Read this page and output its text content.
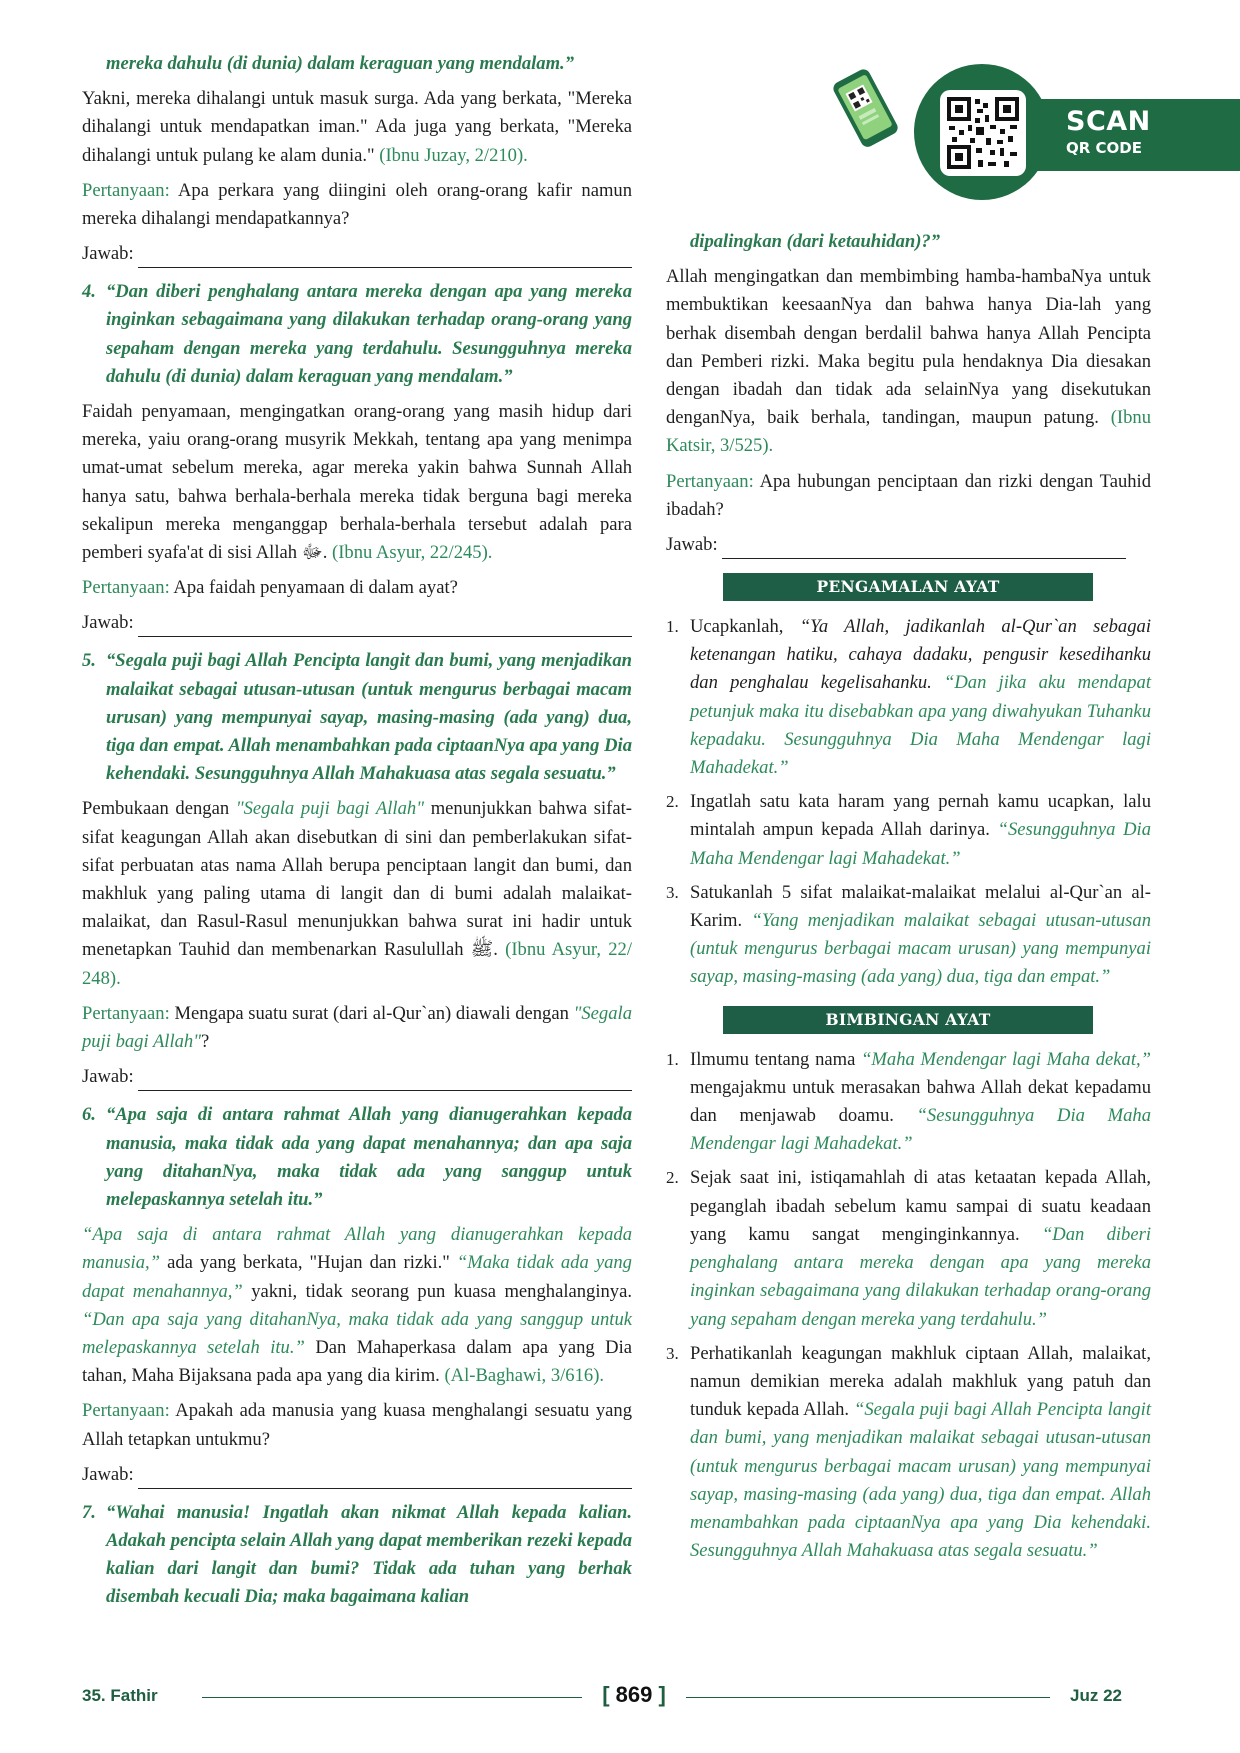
SCAN
QR CODE

mereka dahulu (di dunia) dalam keraguan yang mendalam.”

Yakni, mereka dihalangi untuk masuk surga. Ada yang berkata, "Mereka dihalangi untuk mendapatkan iman." Ada juga yang berkata, "Mereka dihalangi untuk pulang ke alam dunia." (Ibnu Juzay, 2/210).

Pertanyaan: Apa perkara yang diingini oleh orang-orang kafir namun mereka dihalangi mendapatkannya?

Jawab:
4. “Dan diberi penghalang antara mereka dengan apa yang mereka inginkan sebagaimana yang dilakukan terhadap orang-orang yang sepaham dengan mereka yang terdahulu. Sesungguhnya mereka dahulu (di dunia) dalam keraguan yang mendalam.”

Faidah penyamaan, mengingatkan orang-orang yang masih hidup dari mereka, yaiu orang-orang musyrik Mekkah, tentang apa yang menimpa umat-umat sebelum mereka, agar mereka yakin bahwa Sunnah Allah hanya satu, bahwa berhala-berhala mereka tidak berguna bagi mereka sekalipun mereka menganggap berhala-berhala tersebut adalah para pemberi syafa'at di sisi Allah ﷻ. (Ibnu Asyur, 22/245).

Pertanyaan: Apa faidah penyamaan di dalam ayat?

Jawab:
5. “Segala puji bagi Allah Pencipta langit dan bumi, yang menjadikan malaikat sebagai utusan-utusan (untuk mengurus berbagai macam urusan) yang mempunyai sayap, masing-masing (ada yang) dua, tiga dan empat. Allah menambahkan pada ciptaanNya apa yang Dia kehendaki. Sesungguhnya Allah Mahakuasa atas segala sesuatu.”

Pembukaan dengan "Segala puji bagi Allah" menunjukkan bahwa sifat-sifat keagungan Allah akan disebutkan di sini dan pemberlakukan sifat-sifat perbuatan atas nama Allah berupa penciptaan langit dan bumi, dan makhluk yang paling utama di langit dan di bumi adalah malaikat-malaikat, dan Rasul-Rasul menunjukkan bahwa surat ini hadir untuk menetapkan Tauhid dan membenarkan Rasulullah ﷺ. (Ibnu Asyur, 22/ 248).

Pertanyaan: Mengapa suatu surat (dari al-Qur`an) diawali dengan "Segala puji bagi Allah"?

Jawab:
6. “Apa saja di antara rahmat Allah yang dianugerahkan kepada manusia, maka tidak ada yang dapat menahannya; dan apa saja yang ditahanNya, maka tidak ada yang sanggup untuk melepaskannya setelah itu.”

“Apa saja di antara rahmat Allah yang dianugerahkan kepada manusia,” ada yang berkata, "Hujan dan rizki." “Maka tidak ada yang dapat menahannya,” yakni, tidak seorang pun kuasa menghalanginya. “Dan apa saja yang ditahanNya, maka tidak ada yang sanggup untuk melepaskannya setelah itu.” Dan Mahaperkasa dalam apa yang Dia tahan, Maha Bijaksana pada apa yang dia kirim. (Al-Baghawi, 3/616).

Pertanyaan: Apakah ada manusia yang kuasa menghalangi sesuatu yang Allah tetapkan untukmu?

Jawab:
7. “Wahai manusia! Ingatlah akan nikmat Allah kepada kalian. Adakah pencipta selain Allah yang dapat memberikan rezeki kepada kalian dari langit dan bumi? Tidak ada tuhan yang berhak disembah kecuali Dia; maka bagaimana kalian

dipalingkan (dari ketauhidan)?”

Allah mengingatkan dan membimbing hamba-hambaNya untuk membuktikan keesaanNya dan bahwa hanya Dia-lah yang berhak disembah dengan berdalil bahwa hanya Allah Pencipta dan Pemberi rizki. Maka begitu pula hendaknya Dia diesakan dengan ibadah dan tidak ada selainNya yang disekutukan denganNya, baik berhala, tandingan, maupun patung. (Ibnu Katsir, 3/525).

Pertanyaan: Apa hubungan penciptaan dan rizki dengan Tauhid ibadah?

Jawab:
PENGAMALAN AYAT
1. Ucapkanlah, “Ya Allah, jadikanlah al-Qur`an sebagai ketenangan hatiku, cahaya dadaku, pengusir kesedihanku dan penghalau kegelisahanku. “Dan jika aku mendapat petunjuk maka itu disebabkan apa yang diwahyukan Tuhanku kepadaku. Sesungguhnya Dia Maha Mendengar lagi Mahadekat.”
2. Ingatlah satu kata haram yang pernah kamu ucapkan, lalu mintalah ampun kepada Allah darinya. “Sesungguhnya Dia Maha Mendengar lagi Mahadekat.”
3. Satukanlah 5 sifat malaikat-malaikat melalui al-Qur`an al-Karim. “Yang menjadikan malaikat sebagai utusan-utusan (untuk mengurus berbagai macam urusan) yang mempunyai sayap, masing-masing (ada yang) dua, tiga dan empat.”
BIMBINGAN AYAT
1. Ilmumu tentang nama “Maha Mendengar lagi Maha dekat,” mengajakmu untuk merasakan bahwa Allah dekat kepadamu dan menjawab doamu. “Sesungguhnya Dia Maha Mendengar lagi Mahadekat.”
2. Sejak saat ini, istiqamahlah di atas ketaatan kepada Allah, peganglah ibadah sebelum kamu sampai di suatu keadaan yang kamu sangat menginginkannya. “Dan diberi penghalang antara mereka dengan apa yang mereka inginkan sebagaimana yang dilakukan terhadap orang-orang yang sepaham dengan mereka yang terdahulu.”
3. Perhatikanlah keagungan makhluk ciptaan Allah, malaikat, namun demikian mereka adalah makhluk yang patuh dan tunduk kepada Allah. “Segala puji bagi Allah Pencipta langit dan bumi, yang menjadikan malaikat sebagai utusan-utusan (untuk mengurus berbagai macam urusan) yang mempunyai sayap, masing-masing (ada yang) dua, tiga dan empat. Allah menambahkan pada ciptaanNya apa yang Dia kehendaki. Sesungguhnya Allah Mahakuasa atas segala sesuatu.”
35. Fathir	[ 869 ]	Juz 22
